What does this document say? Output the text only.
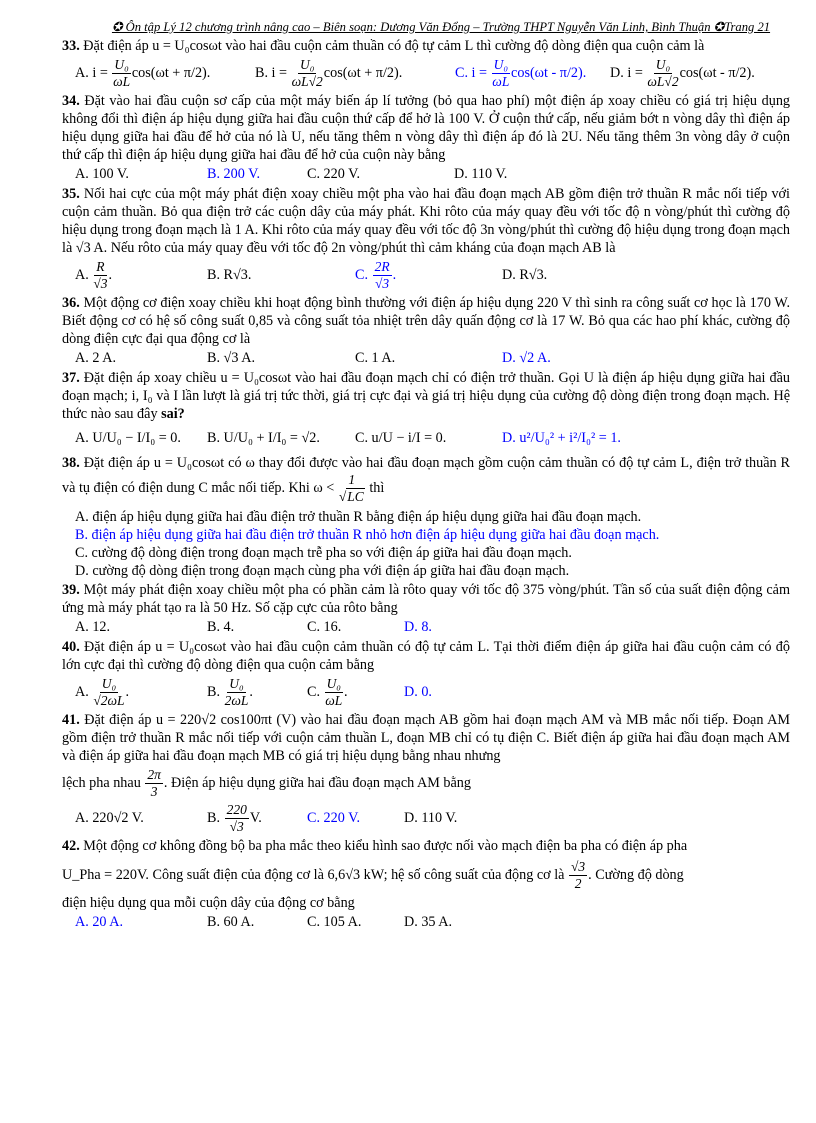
✪ Ôn tập Lý 12 chương trình nâng cao – Biên soạn: Dương Văn Đổng – Trường THPT Nguyễn Văn Linh, Bình Thuận ✪Trang 21

33. Đặt điện áp u = U₀cosωt vào hai đầu cuộn cảm thuần có độ tự cảm L thì cường độ dòng điện qua cuộn cảm là

A. $i = \frac{\text{U₀}}{\omega L} \cos(\omega t + \pi/2)$.	B. $i = \frac{\text{U₀}}{\omega L√2} \cos(\omega t + \pi/2)$.	C. $i = \frac{\text{U₀}}{\omega L} \cos(\omega t - \pi/2)$. D. $i = \frac{\text{U₀}}{\omega L√2} \cos(\omega t - \pi/2)$.

34. Đặt vào hai đầu cuộn sơ cấp của một máy biến áp lí tưởng (bỏ qua hao phí) một điện áp xoay chiều có giá trị hiệu dụng không đổi thì điện áp hiệu dụng giữa hai đầu cuộn thứ cấp để hở là 100 V. Ở cuộn thứ cấp, nếu giảm bớt n vòng dây thì điện áp hiệu dụng giữa hai đầu để hở của nó là U, nếu tăng thêm n vòng dây thì điện áp đó là 2U. Nếu tăng thêm 3n vòng dây ở cuộn thứ cấp thì điện áp hiệu dụng giữa hai đầu để hở của cuộn này bằng

A. 100 V.	B. 200 V.	C. 220 V.	D. 110 V.

35. Nối hai cực của một máy phát điện xoay chiều một pha vào hai đầu đoạn mạch AB gồm điện trở thuần R mắc nối tiếp với cuộn cảm thuần. Bỏ qua điện trở các cuộn dây của máy phát. Khi rôto của máy quay đều với tốc độ n vòng/phút thì cường độ hiệu dụng trong đoạn mạch là 1 A. Khi rôto của máy quay đều với tốc độ 3n vòng/phút thì cường độ hiệu dụng trong đoạn mạch là √3 A. Nếu rôto của máy quay đều với tốc độ 2n vòng/phút thì cảm kháng của đoạn mạch AB là

A. $\frac{R}{√3}$ .	B. R√3.	C. $\frac{2R}{√3}$ .	D. R√3.

36. Một động cơ điện xoay chiều khi hoạt động bình thường với điện áp hiệu dụng 220 V thì sinh ra công suất cơ học là 170 W. Biết động cơ có hệ số công suất 0,85 và công suất tỏa nhiệt trên dây quấn động cơ là 17 W. Bỏ qua các hao phí khác, cường độ dòng điện cực đại qua động cơ là

A. 2 A.	B. √3 A.	C. 1 A.	D. √2 A.

37. Đặt điện áp xoay chiều u = U₀cosωt vào hai đầu đoạn mạch chỉ có điện trở thuần. Gọi U là điện áp hiệu dụng giữa hai đầu đoạn mạch; i, I₀ và I lần lượt là giá trị tức thời, giá trị cực đại và giá trị hiệu dụng của cường độ dòng điện trong đoạn mạch. Hệ thức nào sau đây sai?

A. U/U₀ − I/I₀ = 0. B. U/U₀ + I/I₀ = √2. C. u/U − i/I = 0.	D. u²/U₀² + i²/I₀² = 1.

38. Đặt điện áp u = U₀cosωt có ω thay đổi được vào hai đầu đoạn mạch gồm cuộn cảm thuần có độ tự cảm L, điện trở thuần R và tụ điện có điện dung C mắc nối tiếp. Khi $\omega < \frac{1}{√LC}$ thì

A. điện áp hiệu dụng giữa hai đầu điện trở thuần R bằng điện áp hiệu dụng giữa hai đầu đoạn mạch.
B. điện áp hiệu dụng giữa hai đầu điện trở thuần R nhỏ hơn điện áp hiệu dụng giữa hai đầu đoạn mạch.
C. cường độ dòng điện trong đoạn mạch trễ pha so với điện áp giữa hai đầu đoạn mạch.
D. cường độ dòng điện trong đoạn mạch cùng pha với điện áp giữa hai đầu đoạn mạch.

39. Một máy phát điện xoay chiều một pha có phần cảm là rôto quay với tốc độ 375 vòng/phút. Tần số của suất điện động cảm ứng mà máy phát tạo ra là 50 Hz. Số cặp cực của rôto bằng

A. 12.	B. 4.	C. 16.	D. 8.

40. Đặt điện áp u = U₀cosωt vào hai đầu cuộn cảm thuần có độ tự cảm L. Tại thời điểm điện áp giữa hai đầu cuộn cảm có độ lớn cực đại thì cường độ dòng điện qua cuộn cảm bằng

A. $\frac{\text{U₀}}{√2\omega L}$ .	B. $\frac{\text{U₀}}{2\omega L}$ .	C. $\frac{\text{U₀}}{\omega L}$ .	D. 0.

41. Đặt điện áp u = 220√2 cos100πt (V) vào hai đầu đoạn mạch AB gồm hai đoạn mạch AM và MB mắc nối tiếp. Đoạn AM gồm điện trở thuần R mắc nối tiếp với cuộn cảm thuần L, đoạn MB chỉ có tụ điện C. Biết điện áp giữa hai đầu đoạn mạch AM và điện áp giữa hai đầu đoạn mạch MB có giá trị hiệu dụng bằng nhau nhưng

lệch pha nhau $\frac{2\pi}{3}$ . Điện áp hiệu dụng giữa hai đầu đoạn mạch AM bằng

A. 220√2 V.	B. $\frac{220}{√3} V$.	C. 220 V.	D. 110 V.

42. Một động cơ không đồng bộ ba pha mắc theo kiểu hình sao được nối vào mạch điện ba pha có điện áp pha

U_Pha = 220V. Công suất điện của động cơ là 6,6√3 kW; hệ số công suất của động cơ là $\frac{√3}{2}$ . Cường độ dòng

điện hiệu dụng qua mỗi cuộn dây của động cơ bằng

A. 20 A.	B. 60 A.	C. 105 A.	D. 35 A.
